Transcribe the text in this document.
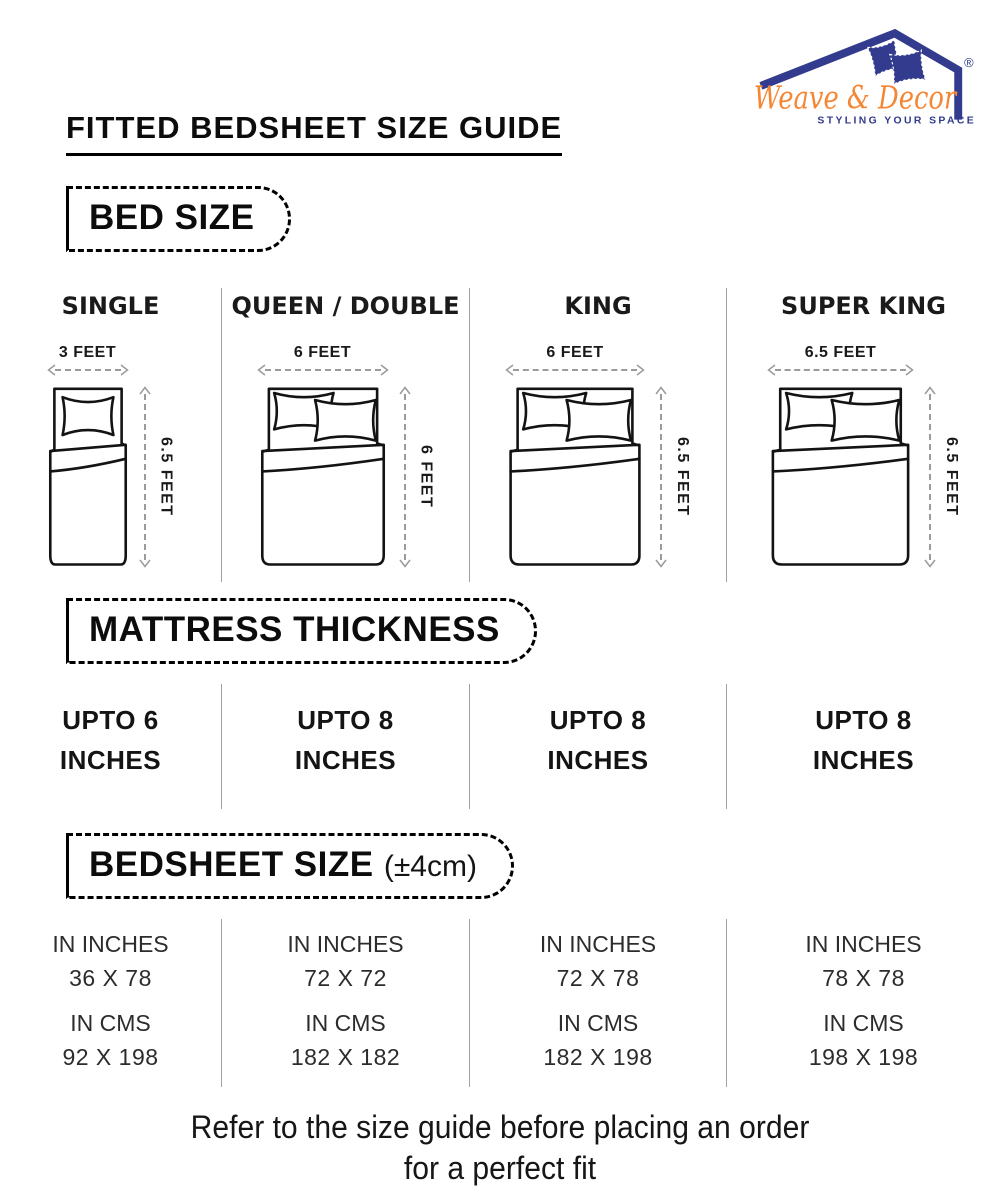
®
Weave & Decor
STYLING YOUR SPACE
FITTED BEDSHEET SIZE GUIDE
BED SIZE
SINGLE
3 FEET
6.5 FEET
QUEEN / DOUBLE
6 FEET
6 FEET
KING
6 FEET
6.5 FEET
SUPER KING
6.5 FEET
6.5 FEET
MATTRESS THICKNESS
UPTO 6
INCHES
UPTO 8
INCHES
UPTO 8
INCHES
UPTO 8
INCHES
BEDSHEET SIZE (±4cm)
IN INCHES
36 X 78
IN CMS
92 X 198
IN INCHES
72 X 72
IN CMS
182 X 182
IN INCHES
72 X 78
IN CMS
182 X 198
IN INCHES
78 X 78
IN CMS
198 X 198
Refer to the size guide before placing an order
for a perfect fit
